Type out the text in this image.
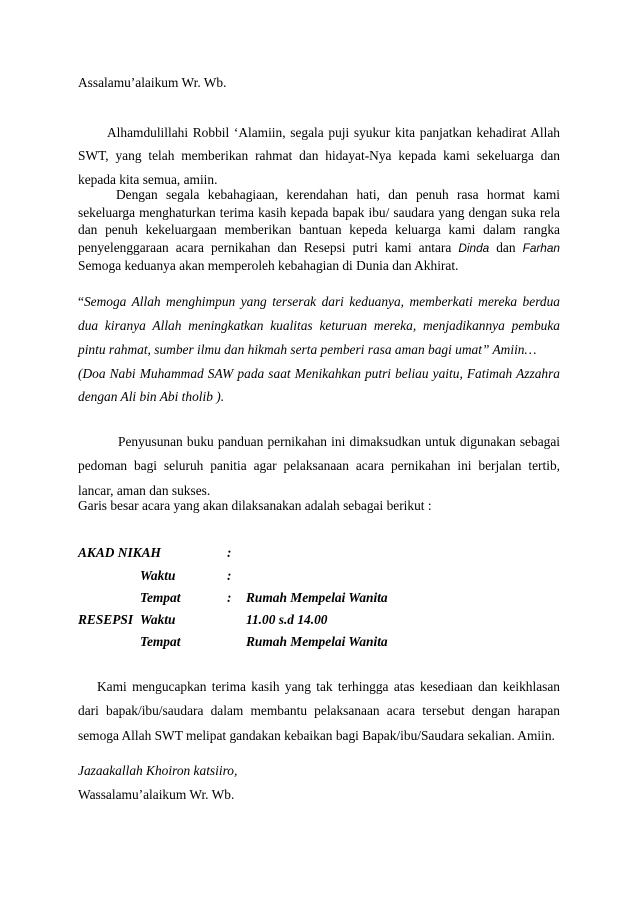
Assalamu’alaikum Wr. Wb.
Alhamdulillahi Robbil ‘Alamiin, segala puji syukur kita panjatkan kehadirat Allah SWT, yang telah memberikan rahmat dan hidayat-Nya kepada kami sekeluarga dan kepada kita semua, amiin.
Dengan segala kebahagiaan, kerendahan hati, dan penuh rasa hormat kami sekeluarga menghaturkan terima kasih kepada bapak ibu/ saudara yang dengan suka rela dan penuh kekeluargaan memberikan bantuan kepeda keluarga kami dalam rangka penyelenggaraan acara pernikahan dan Resepsi putri kami antara Dinda dan Farhan Semoga keduanya akan memperoleh kebahagian di Dunia dan Akhirat.
“Semoga Allah menghimpun yang terserak dari keduanya, memberkati mereka berdua dua kiranya Allah meningkatkan kualitas keturuan mereka, menjadikannya pembuka pintu rahmat, sumber ilmu dan hikmah serta pemberi rasa aman bagi umat” Amiin…
(Doa Nabi Muhammad SAW pada saat Menikahkan putri beliau yaitu, Fatimah Azzahra dengan Ali bin Abi tholib ).
Penyusunan buku panduan pernikahan ini dimaksudkan untuk digunakan sebagai pedoman bagi seluruh panitia agar pelaksanaan acara pernikahan ini berjalan tertib, lancar, aman dan sukses.
Garis besar acara yang akan dilaksanakan adalah sebagai berikut :
AKAD NIKAH	:
Waktu	:
Tempat	: Rumah Mempelai Wanita
RESEPSI Waktu	11.00 s.d 14.00
Tempat	Rumah Mempelai Wanita
Kami mengucapkan terima kasih yang tak terhingga atas kesediaan dan keikhlasan dari bapak/ibu/saudara dalam membantu pelaksanaan acara tersebut dengan harapan semoga Allah SWT melipat gandakan kebaikan bagi Bapak/ibu/Saudara sekalian. Amiin.
Jazaakallah Khoiron katsiiro,
Wassalamu’alaikum Wr. Wb.
